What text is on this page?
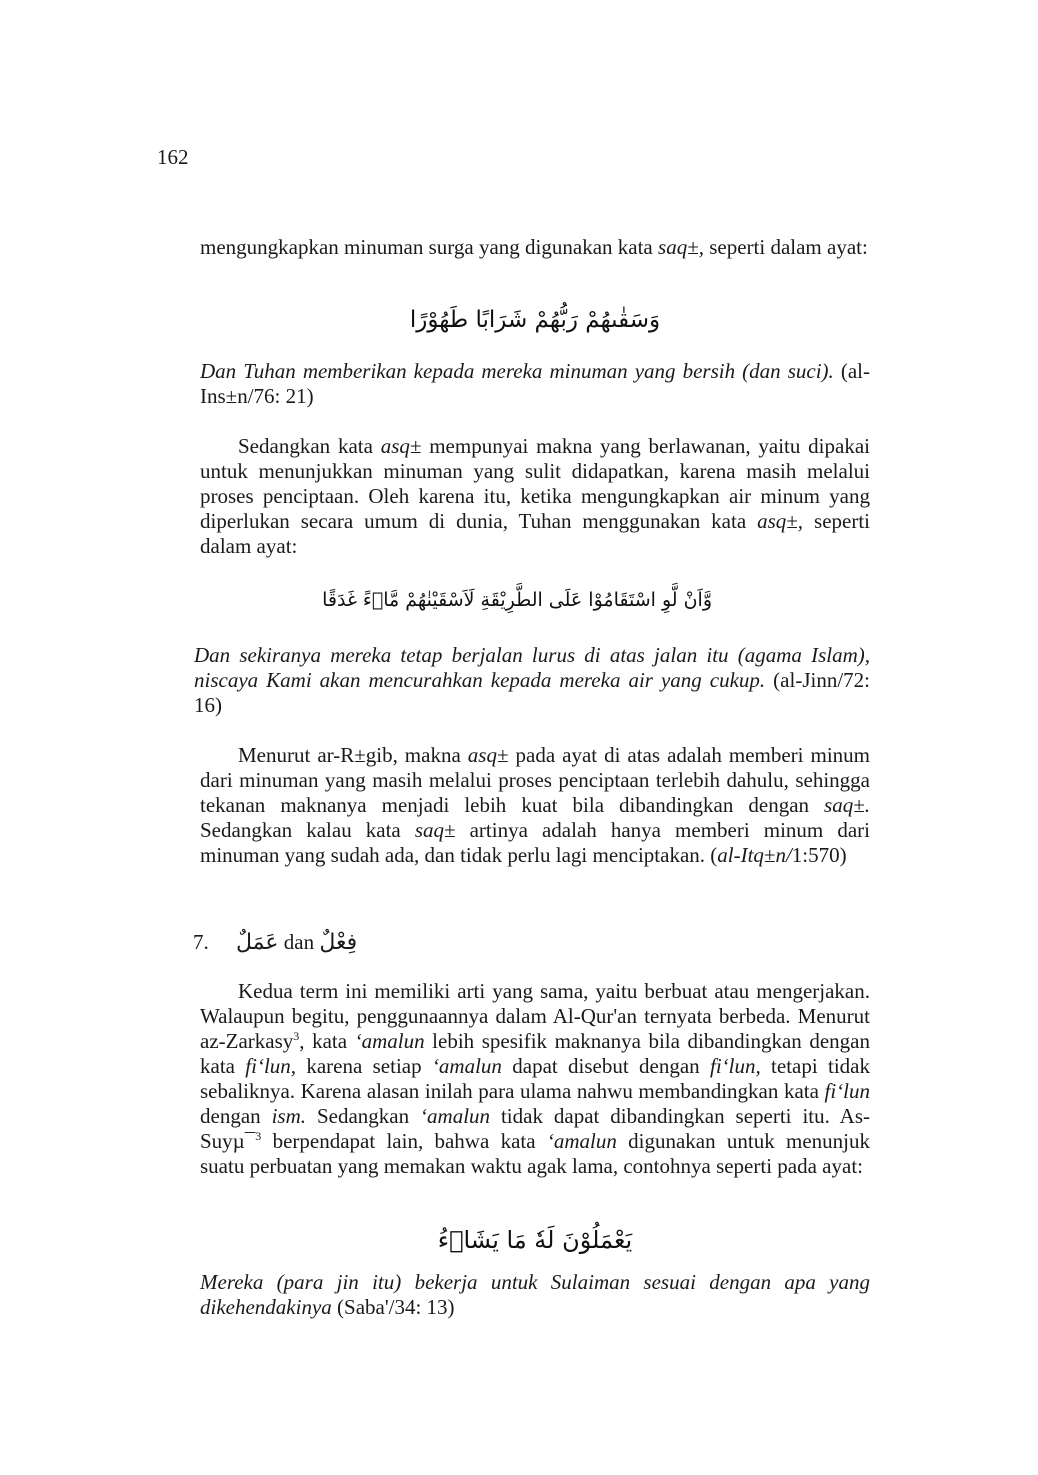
162
mengungkapkan minuman surga yang digunakan kata saq±, seperti dalam ayat:
وَسَقٰىهُمْ رَبُّهُمْ شَرَابًا طَهُوْرًا
Dan Tuhan memberikan kepada mereka minuman yang bersih (dan suci). (al-Ins±n/76: 21)
Sedangkan kata asq± mempunyai makna yang berlawanan, yaitu dipakai untuk menunjukkan minuman yang sulit didapatkan, karena masih melalui proses penciptaan. Oleh karena itu, ketika mengungkapkan air minum yang diperlukan secara umum di dunia, Tuhan menggunakan kata asq±, seperti dalam ayat:
وَّاَنْ لَّوِ اسْتَقَامُوْا عَلَى الطَّرِيْقَةِ لَاَسْقَيْنٰهُمْ مَّاۤءً غَدَقًا
Dan sekiranya mereka tetap berjalan lurus di atas jalan itu (agama Islam), niscaya Kami akan mencurahkan kepada mereka air yang cukup. (al-Jinn/72: 16)
Menurut ar-R±gib, makna asq± pada ayat di atas adalah memberi minum dari minuman yang masih melalui proses penciptaan terlebih dahulu, sehingga tekanan maknanya menjadi lebih kuat bila dibandingkan dengan saq±. Sedangkan kalau kata saq± artinya adalah hanya memberi minum dari minuman yang sudah ada, dan tidak perlu lagi menciptakan. (al-Itq±n/1:570)
7. عَمَلٌ dan فِعْلٌ
Kedua term ini memiliki arti yang sama, yaitu berbuat atau mengerjakan. Walaupun begitu, penggunaannya dalam Al-Qur'an ternyata berbeda. Menurut az-Zarkasy$^3$, kata ‘amalun lebih spesifik maknanya bila dibandingkan dengan kata fi‘lun, karena setiap ‘amalun dapat disebut dengan fi‘lun, tetapi tidak sebaliknya. Karena alasan inilah para ulama nahwu membandingkan kata fi‘lun dengan ism. Sedangkan ‘amalun tidak dapat dibandingkan seperti itu. As-Suyµ¯$^3$ berpendapat lain, bahwa kata ‘amalun digunakan untuk menunjuk suatu perbuatan yang memakan waktu agak lama, contohnya seperti pada ayat:
يَعْمَلُوْنَ لَهٗ مَا يَشَاۤءُ
Mereka (para jin itu) bekerja untuk Sulaiman sesuai dengan apa yang dikehendakinya (Saba'/34: 13)
